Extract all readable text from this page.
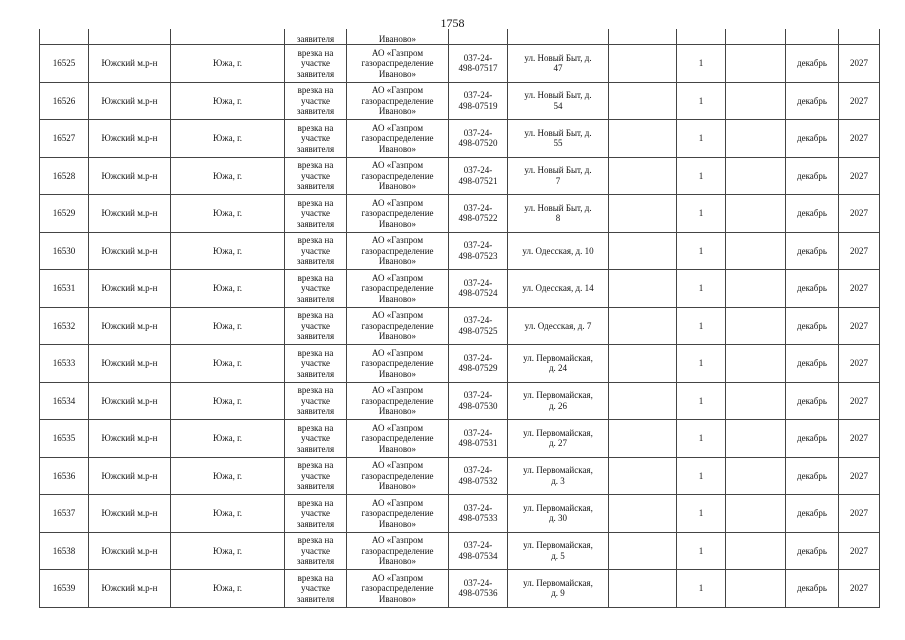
1758
			заявителя	Иваново»							
16525	Южский м.р-н	Южа, г.	врезка на
участке
заявителя	АО «Газпром
газораспределение
Иваново»	037-24-
498-07517	ул. Новый Быт, д.
47		1		декабрь	2027
16526	Южский м.р-н	Южа, г.	врезка на
участке
заявителя	АО «Газпром
газораспределение
Иваново»	037-24-
498-07519	ул. Новый Быт, д.
54		1		декабрь	2027
16527	Южский м.р-н	Южа, г.	врезка на
участке
заявителя	АО «Газпром
газораспределение
Иваново»	037-24-
498-07520	ул. Новый Быт, д.
55		1		декабрь	2027
16528	Южский м.р-н	Южа, г.	врезка на
участке
заявителя	АО «Газпром
газораспределение
Иваново»	037-24-
498-07521	ул. Новый Быт, д.
7		1		декабрь	2027
16529	Южский м.р-н	Южа, г.	врезка на
участке
заявителя	АО «Газпром
газораспределение
Иваново»	037-24-
498-07522	ул. Новый Быт, д.
8		1		декабрь	2027
16530	Южский м.р-н	Южа, г.	врезка на
участке
заявителя	АО «Газпром
газораспределение
Иваново»	037-24-
498-07523	ул. Одесская, д. 10		1		декабрь	2027
16531	Южский м.р-н	Южа, г.	врезка на
участке
заявителя	АО «Газпром
газораспределение
Иваново»	037-24-
498-07524	ул. Одесская, д. 14		1		декабрь	2027
16532	Южский м.р-н	Южа, г.	врезка на
участке
заявителя	АО «Газпром
газораспределение
Иваново»	037-24-
498-07525	ул. Одесская, д. 7		1		декабрь	2027
16533	Южский м.р-н	Южа, г.	врезка на
участке
заявителя	АО «Газпром
газораспределение
Иваново»	037-24-
498-07529	ул. Первомайская,
д. 24		1		декабрь	2027
16534	Южский м.р-н	Южа, г.	врезка на
участке
заявителя	АО «Газпром
газораспределение
Иваново»	037-24-
498-07530	ул. Первомайская,
д. 26		1		декабрь	2027
16535	Южский м.р-н	Южа, г.	врезка на
участке
заявителя	АО «Газпром
газораспределение
Иваново»	037-24-
498-07531	ул. Первомайская,
д. 27		1		декабрь	2027
16536	Южский м.р-н	Южа, г.	врезка на
участке
заявителя	АО «Газпром
газораспределение
Иваново»	037-24-
498-07532	ул. Первомайская,
д. 3		1		декабрь	2027
16537	Южский м.р-н	Южа, г.	врезка на
участке
заявителя	АО «Газпром
газораспределение
Иваново»	037-24-
498-07533	ул. Первомайская,
д. 30		1		декабрь	2027
16538	Южский м.р-н	Южа, г.	врезка на
участке
заявителя	АО «Газпром
газораспределение
Иваново»	037-24-
498-07534	ул. Первомайская,
д. 5		1		декабрь	2027
16539	Южский м.р-н	Южа, г.	врезка на
участке
заявителя	АО «Газпром
газораспределение
Иваново»	037-24-
498-07536	ул. Первомайская,
д. 9		1		декабрь	2027
